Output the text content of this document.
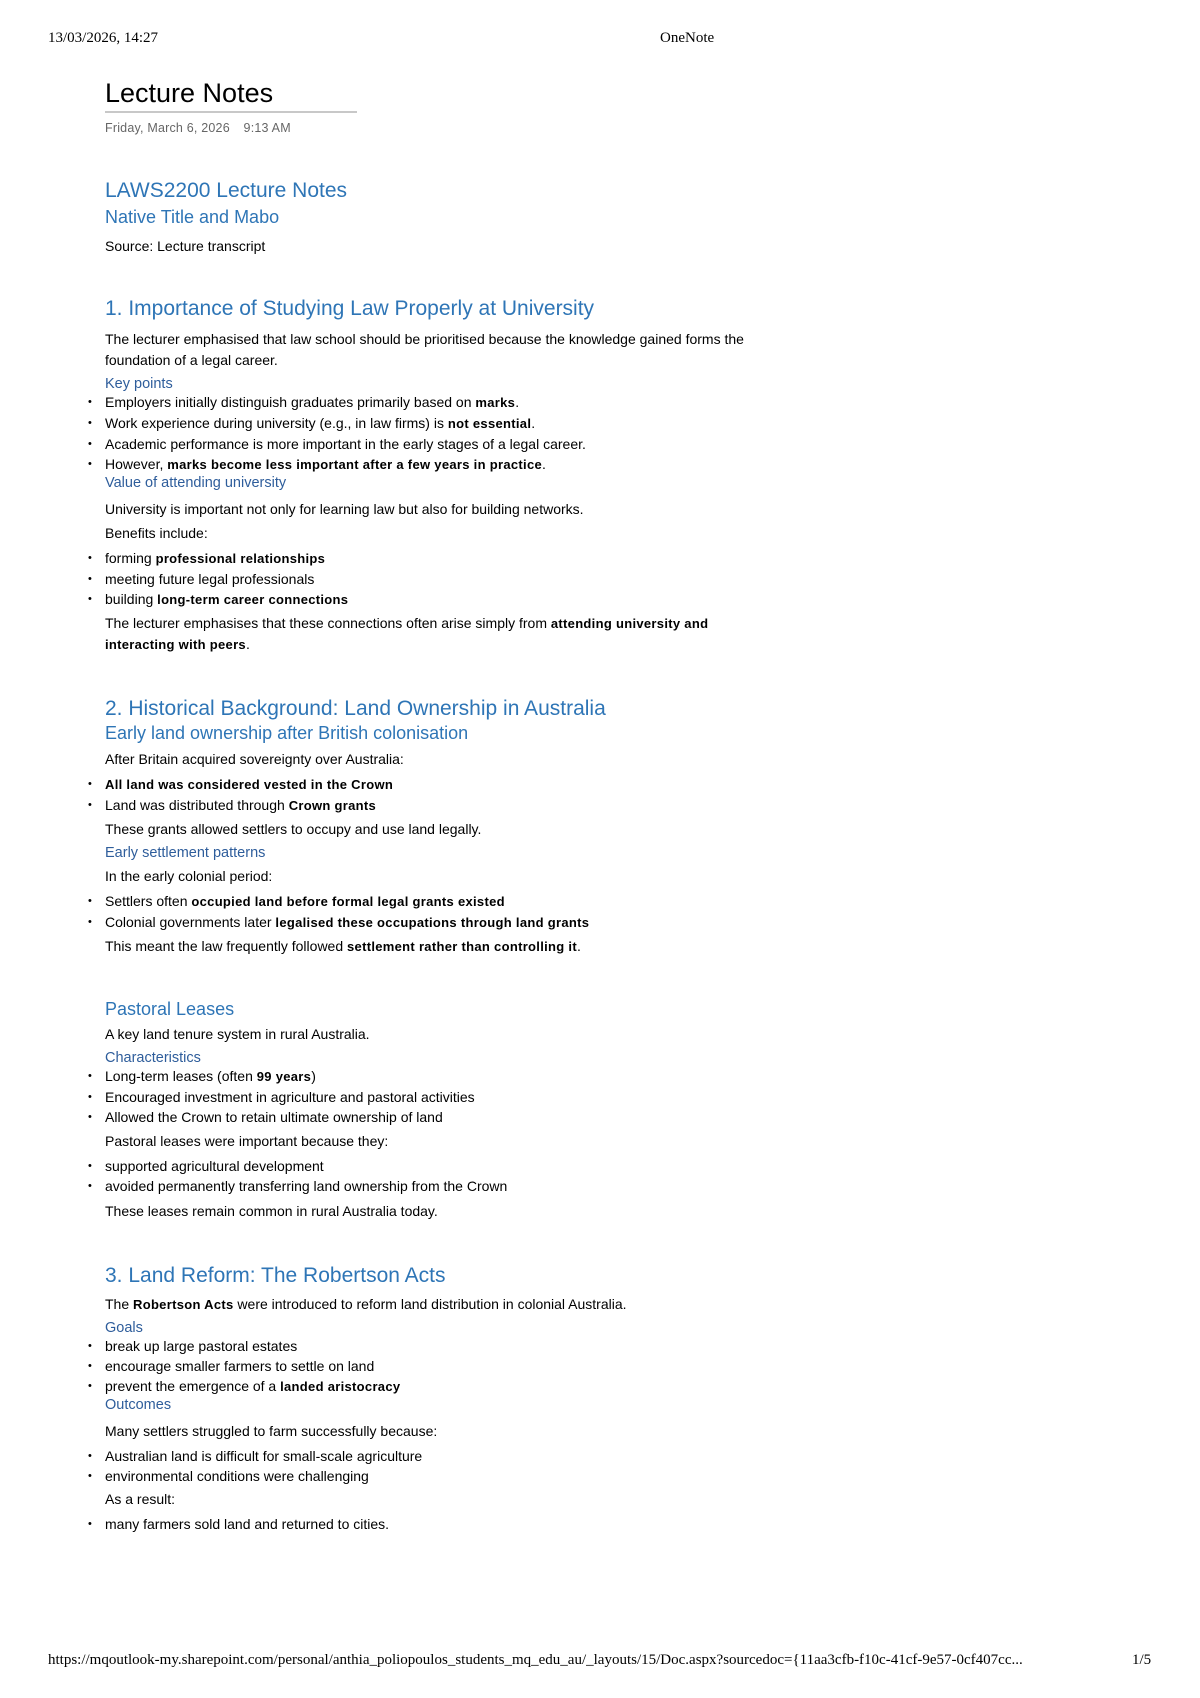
13/03/2026, 14:27	OneNote
Lecture Notes
Friday, March 6, 2026 9:13 AM
LAWS2200 Lecture Notes
Native Title and Mabo

Source: Lecture transcript

1. Importance of Studying Law Properly at University

The lecturer emphasised that law school should be prioritised because the knowledge gained forms the foundation of a legal career.

Key points
• Employers initially distinguish graduates primarily based on marks.
• Work experience during university (e.g., in law firms) is not essential.
• Academic performance is more important in the early stages of a legal career.
• However, marks become less important after a few years in practice.
Value of attending university

University is important not only for learning law but also for building networks.

Benefits include:

• forming professional relationships
• meeting future legal professionals
• building long-term career connections

The lecturer emphasises that these connections often arise simply from attending university and interacting with peers.

2. Historical Background: Land Ownership in Australia
Early land ownership after British colonisation

After Britain acquired sovereignty over Australia:

• All land was considered vested in the Crown
• Land was distributed through Crown grants

These grants allowed settlers to occupy and use land legally.

Early settlement patterns

In the early colonial period:

• Settlers often occupied land before formal legal grants existed
• Colonial governments later legalised these occupations through land grants

This meant the law frequently followed settlement rather than controlling it.

Pastoral Leases

A key land tenure system in rural Australia.

Characteristics
• Long-term leases (often 99 years)
• Encouraged investment in agriculture and pastoral activities
• Allowed the Crown to retain ultimate ownership of land

Pastoral leases were important because they:

• supported agricultural development
• avoided permanently transferring land ownership from the Crown

These leases remain common in rural Australia today.

3. Land Reform: The Robertson Acts

The Robertson Acts were introduced to reform land distribution in colonial Australia.

Goals
• break up large pastoral estates
• encourage smaller farmers to settle on land
• prevent the emergence of a landed aristocracy
Outcomes

Many settlers struggled to farm successfully because:

• Australian land is difficult for small-scale agriculture
• environmental conditions were challenging

As a result:

• many farmers sold land and returned to cities.
https://mqoutlook-my.sharepoint.com/personal/anthia_poliopoulos_students_mq_edu_au/_layouts/15/Doc.aspx?sourcedoc={11aa3cfb-f10c-41cf-9e57-0cf407cc...	1/5
